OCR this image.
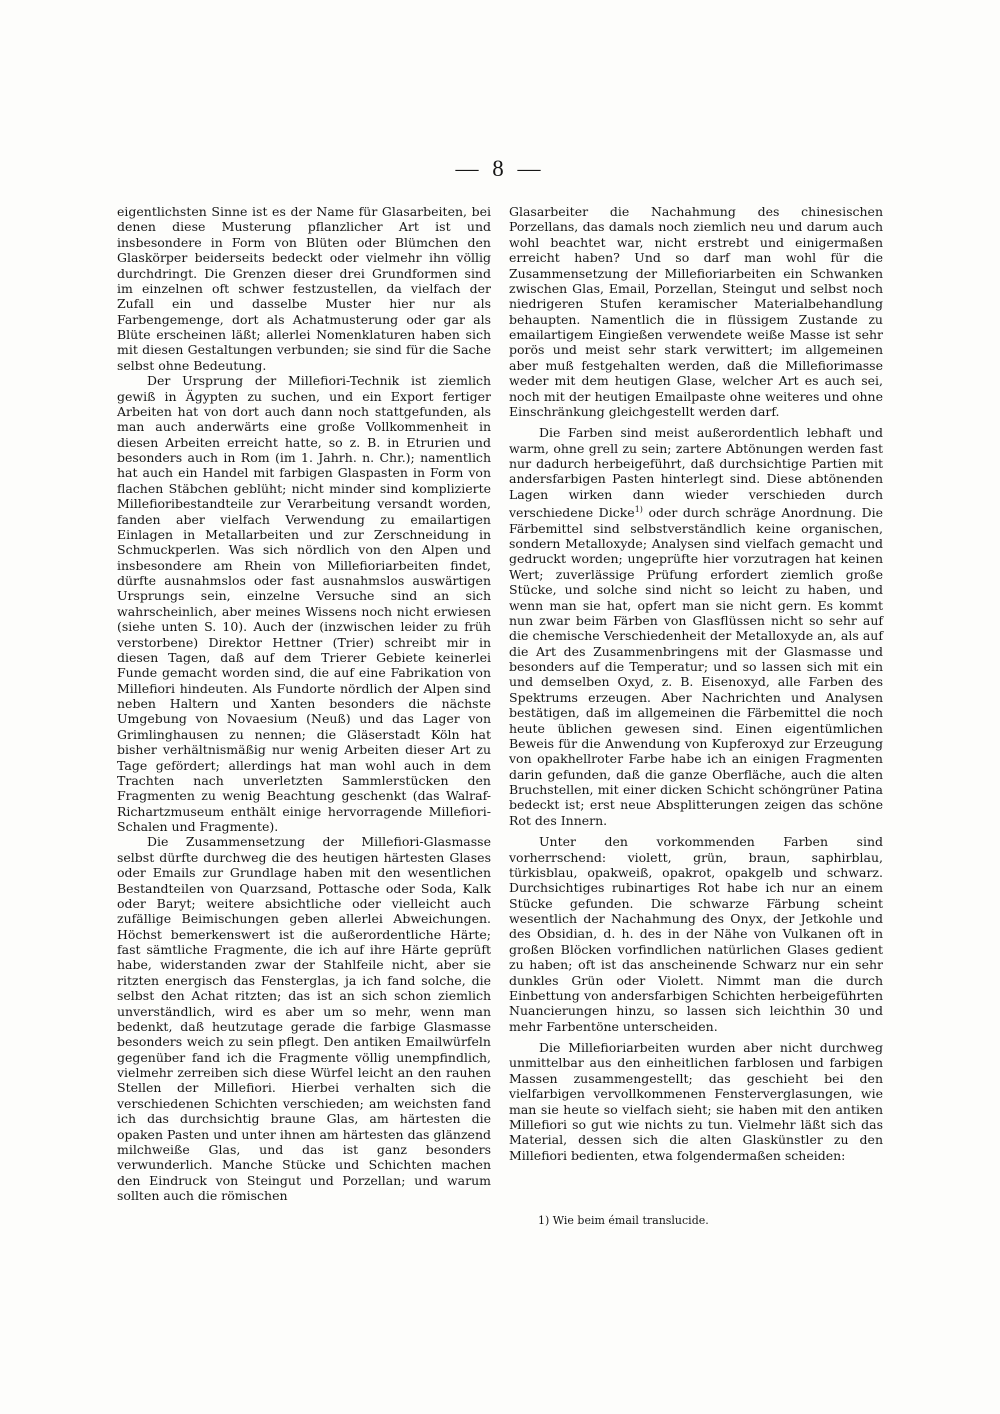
— 8 —

eigentlichsten Sinne ist es der Name für Glasarbeiten, bei denen diese Musterung pflanzlicher Art ist und insbesondere in Form von Blüten oder Blümchen den Glaskörper beiderseits bedeckt oder vielmehr ihn völlig durchdringt. Die Grenzen dieser drei Grundformen sind im einzelnen oft schwer festzustellen, da vielfach der Zufall ein und dasselbe Muster hier nur als Farbengemenge, dort als Achatmusterung oder gar als Blüte erscheinen läßt; allerlei Nomenklaturen haben sich mit diesen Gestaltungen verbunden; sie sind für die Sache selbst ohne Bedeutung.

Der Ursprung der Millefiori-Technik ist ziemlich gewiß in Ägypten zu suchen, und ein Export fertiger Arbeiten hat von dort auch dann noch stattgefunden, als man auch anderwärts eine große Vollkommenheit in diesen Arbeiten erreicht hatte, so z. B. in Etrurien und besonders auch in Rom (im 1. Jahrh. n. Chr.); namentlich hat auch ein Handel mit farbigen Glaspasten in Form von flachen Stäbchen geblüht; nicht minder sind komplizierte Millefioribestandteile zur Verarbeitung versandt worden, fanden aber vielfach Verwendung zu emailartigen Einlagen in Metallarbeiten und zur Zerschneidung in Schmuckperlen. Was sich nördlich von den Alpen und insbesondere am Rhein von Millefioriarbeiten findet, dürfte ausnahmslos oder fast ausnahmslos auswärtigen Ursprungs sein, einzelne Versuche sind an sich wahrscheinlich, aber meines Wissens noch nicht erwiesen (siehe unten S. 10). Auch der (inzwischen leider zu früh verstorbene) Direktor Hettner (Trier) schreibt mir in diesen Tagen, daß auf dem Trierer Gebiete keinerlei Funde gemacht worden sind, die auf eine Fabrikation von Millefiori hindeuten. Als Fundorte nördlich der Alpen sind neben Haltern und Xanten besonders die nächste Umgebung von Novaesium (Neuß) und das Lager von Grimlinghausen zu nennen; die Gläserstadt Köln hat bisher verhältnismäßig nur wenig Arbeiten dieser Art zu Tage gefördert; allerdings hat man wohl auch in dem Trachten nach unverletzten Sammlerstücken den Fragmenten zu wenig Beachtung geschenkt (das Walraf-Richartzmuseum enthält einige hervorragende Millefiori-Schalen und Fragmente).

Die Zusammensetzung der Millefiori-Glasmasse selbst dürfte durchweg die des heutigen härtesten Glases oder Emails zur Grundlage haben mit den wesentlichen Bestandteilen von Quarzsand, Pottasche oder Soda, Kalk oder Baryt; weitere absichtliche oder vielleicht auch zufällige Beimischungen geben allerlei Abweichungen. Höchst bemerkenswert ist die außerordentliche Härte; fast sämtliche Fragmente, die ich auf ihre Härte geprüft habe, widerstanden zwar der Stahlfeile nicht, aber sie ritzten energisch das Fensterglas, ja ich fand solche, die selbst den Achat ritzten; das ist an sich schon ziemlich unverständlich, wird es aber um so mehr, wenn man bedenkt, daß heutzutage gerade die farbige Glasmasse besonders weich zu sein pflegt. Den antiken Emailwürfeln gegenüber fand ich die Fragmente völlig unempfindlich, vielmehr zerreiben sich diese Würfel leicht an den rauhen Stellen der Millefiori. Hierbei verhalten sich die verschiedenen Schichten verschieden; am weichsten fand ich das durchsichtig braune Glas, am härtesten die opaken Pasten und unter ihnen am härtesten das glänzend milchweiße Glas, und das ist ganz besonders verwunderlich. Manche Stücke und Schichten machen den Eindruck von Steingut und Porzellan; und warum sollten auch die römischen

Glasarbeiter die Nachahmung des chinesischen Porzellans, das damals noch ziemlich neu und darum auch wohl beachtet war, nicht erstrebt und einigermaßen erreicht haben? Und so darf man wohl für die Zusammensetzung der Millefioriarbeiten ein Schwanken zwischen Glas, Email, Porzellan, Steingut und selbst noch niedrigeren Stufen keramischer Materialbehandlung behaupten. Namentlich die in flüssigem Zustande zu emailartigem Eingießen verwendete weiße Masse ist sehr porös und meist sehr stark verwittert; im allgemeinen aber muß festgehalten werden, daß die Millefiorimasse weder mit dem heutigen Glase, welcher Art es auch sei, noch mit der heutigen Emailpaste ohne weiteres und ohne Einschränkung gleichgestellt werden darf.

Die Farben sind meist außerordentlich lebhaft und warm, ohne grell zu sein; zartere Abtönungen werden fast nur dadurch herbeigeführt, daß durchsichtige Partien mit andersfarbigen Pasten hinterlegt sind. Diese abtönenden Lagen wirken dann wieder verschieden durch verschiedene Dicke$^{1)}$ oder durch schräge Anordnung. Die Färbemittel sind selbstverständlich keine organischen, sondern Metalloxyde; Analysen sind vielfach gemacht und gedruckt worden; ungeprüfte hier vorzutragen hat keinen Wert; zuverlässige Prüfung erfordert ziemlich große Stücke, und solche sind nicht so leicht zu haben, und wenn man sie hat, opfert man sie nicht gern. Es kommt nun zwar beim Färben von Glasflüssen nicht so sehr auf die chemische Verschiedenheit der Metalloxyde an, als auf die Art des Zusammenbringens mit der Glasmasse und besonders auf die Temperatur; und so lassen sich mit ein und demselben Oxyd, z. B. Eisenoxyd, alle Farben des Spektrums erzeugen. Aber Nachrichten und Analysen bestätigen, daß im allgemeinen die Färbemittel die noch heute üblichen gewesen sind. Einen eigentümlichen Beweis für die Anwendung von Kupferoxyd zur Erzeugung von opakhellroter Farbe habe ich an einigen Fragmenten darin gefunden, daß die ganze Oberfläche, auch die alten Bruchstellen, mit einer dicken Schicht schöngrüner Patina bedeckt ist; erst neue Absplitterungen zeigen das schöne Rot des Innern.

Unter den vorkommenden Farben sind vorherrschend: violett, grün, braun, saphirblau, türkisblau, opakweiß, opakrot, opakgelb und schwarz. Durchsichtiges rubinartiges Rot habe ich nur an einem Stücke gefunden. Die schwarze Färbung scheint wesentlich der Nachahmung des Onyx, der Jetkohle und des Obsidian, d. h. des in der Nähe von Vulkanen oft in großen Blöcken vorfindlichen natürlichen Glases gedient zu haben; oft ist das anscheinende Schwarz nur ein sehr dunkles Grün oder Violett. Nimmt man die durch Einbettung von andersfarbigen Schichten herbeigeführten Nuancierungen hinzu, so lassen sich leichthin 30 und mehr Farbentöne unterscheiden.

Die Millefioriarbeiten wurden aber nicht durchweg unmittelbar aus den einheitlichen farblosen und farbigen Massen zusammengestellt; das geschieht bei den vielfarbigen vervollkommenen Fensterverglasungen, wie man sie heute so vielfach sieht; sie haben mit den antiken Millefiori so gut wie nichts zu tun. Vielmehr läßt sich das Material, dessen sich die alten Glaskünstler zu den Millefiori bedienten, etwa folgendermaßen scheiden:

1) Wie beim émail translucide.
